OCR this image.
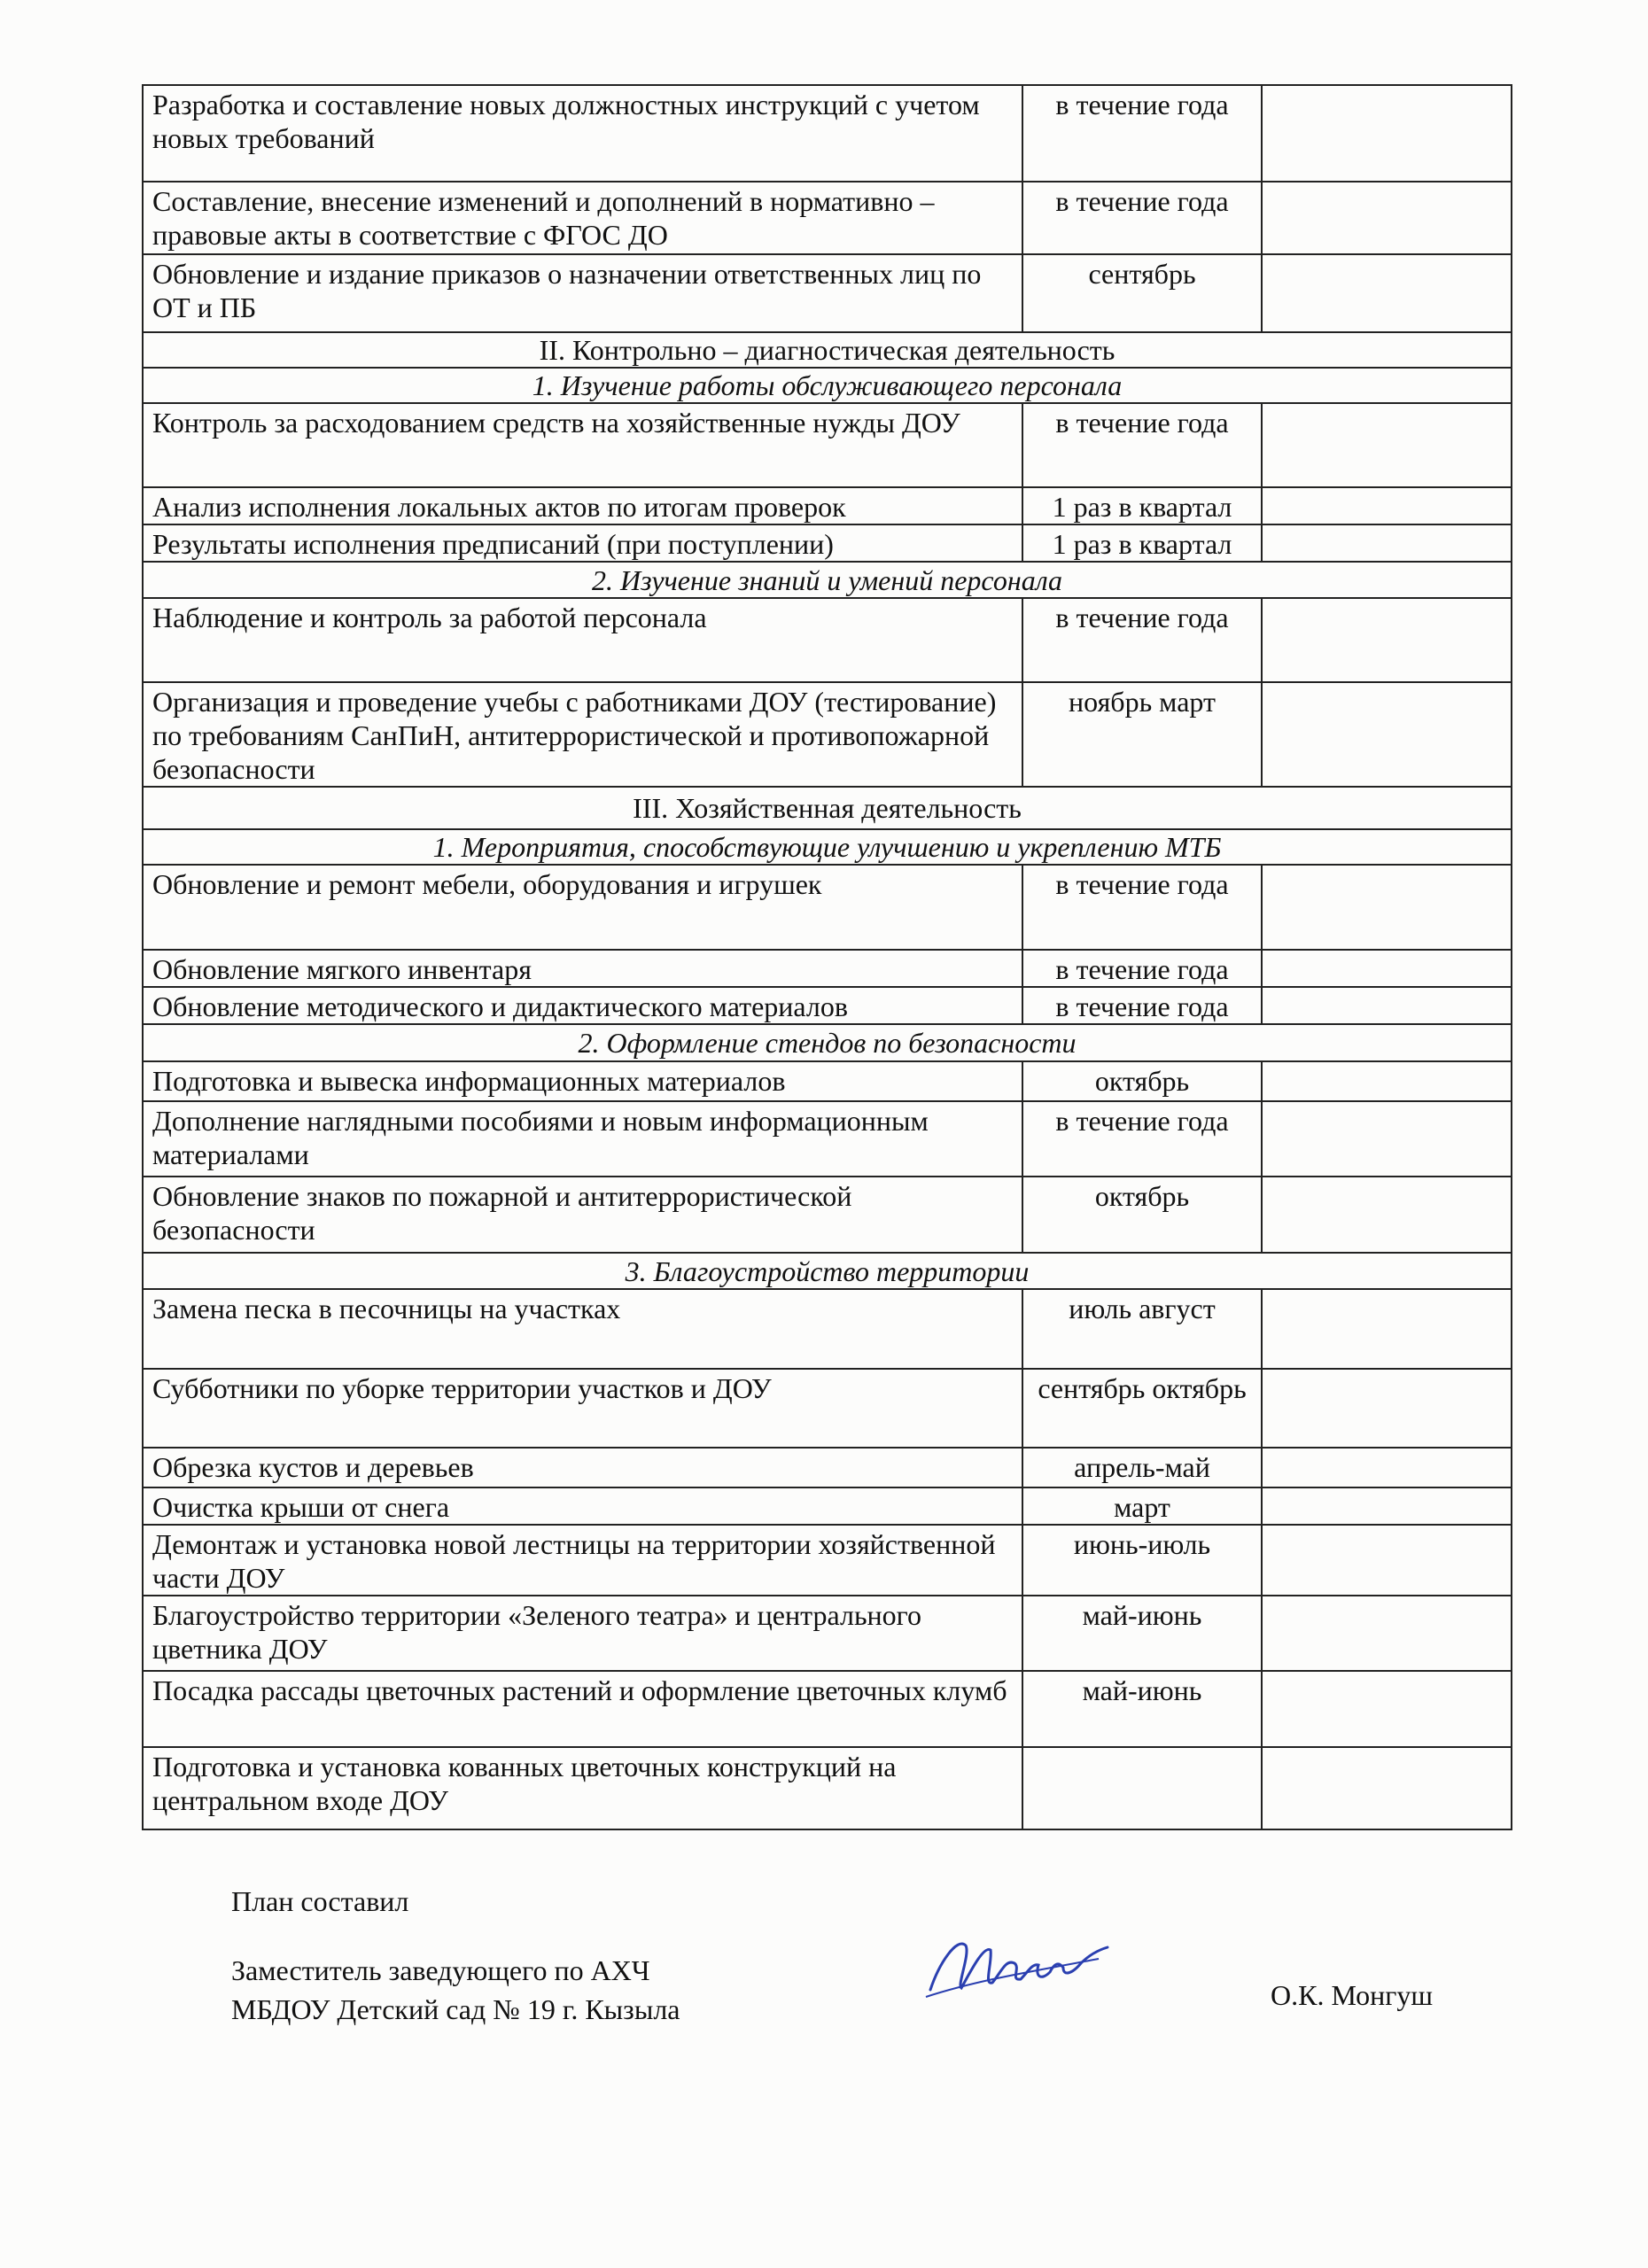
Разработка и составление новых должностных инструкций с учетом новых требований	в течение года	
Составление, внесение изменений и дополнений в нормативно – правовые акты в соответствие с ФГОС ДО	в течение года	
Обновление и издание приказов о назначении ответственных лиц по ОТ и ПБ	сентябрь	
II. Контрольно – диагностическая деятельность		
1. Изучение работы обслуживающего персонала		
Контроль за расходованием средств на хозяйственные нужды ДОУ	в течение года	
Анализ исполнения локальных актов по итогам проверок	1 раз в квартал	
Результаты исполнения предписаний (при поступлении)	1 раз в квартал	
2. Изучение знаний и умений персонала		
Наблюдение и контроль за работой персонала	в течение года	
Организация и проведение учебы с работниками ДОУ (тестирование) по требованиям СанПиН, антитеррористической и противопожарной безопасности	ноябрь март	
III. Хозяйственная деятельность		
1. Мероприятия, способствующие улучшению и укреплению МТБ		
Обновление и ремонт мебели, оборудования и игрушек	в течение года	
Обновление мягкого инвентаря	в течение года	
Обновление методического и дидактического материалов	в течение года	
2. Оформление стендов по безопасности		
Подготовка и вывеска информационных материалов	октябрь	
Дополнение наглядными пособиями и новым информационным материалами	в течение года	
Обновление знаков по пожарной и антитеррористической безопасности	октябрь	
3. Благоустройство территории		
Замена песка в песочницы на участках	июль август	
Субботники по уборке территории участков и ДОУ	сентябрь октябрь	
Обрезка кустов и деревьев	апрель-май	
Очистка крыши от снега	март	
Демонтаж и установка новой лестницы на территории хозяйственной части ДОУ	июнь-июль	
Благоустройство территории «Зеленого театра» и центрального цветника ДОУ	май-июнь	
Посадка рассады цветочных растений и оформление цветочных клумб	май-июнь	
Подготовка и установка кованных цветочных конструкций на центральном входе ДОУ		
План составил
Заместитель заведующего по АХЧ
МБДОУ Детский сад № 19 г. Кызыла	О.К. Монгуш
